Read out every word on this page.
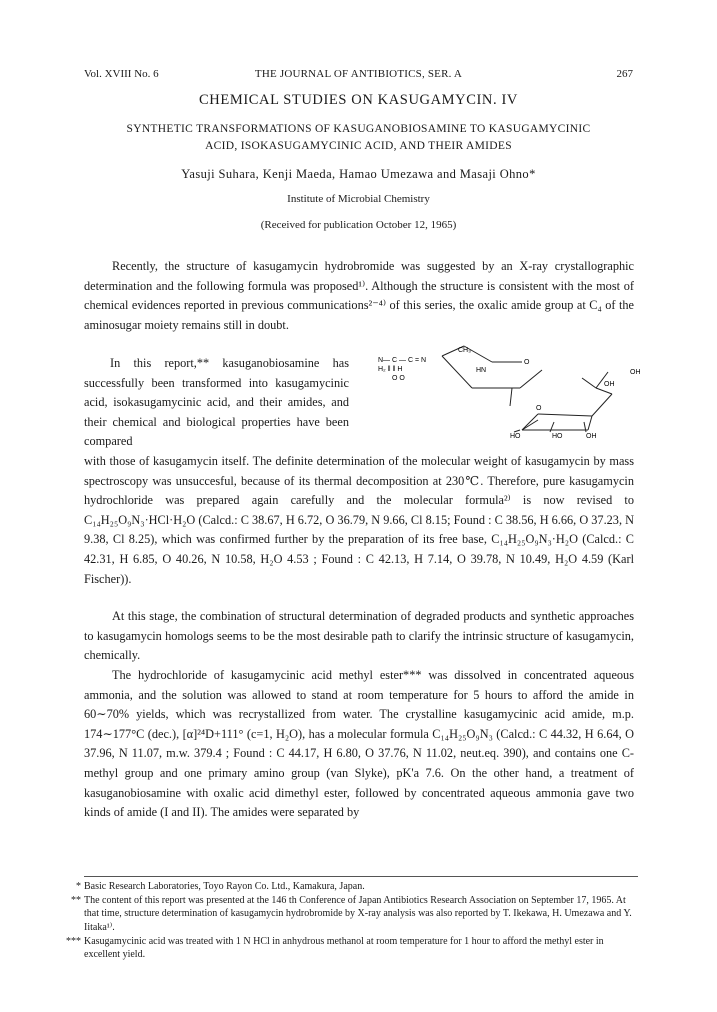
Vol. XVIII No. 6	THE JOURNAL OF ANTIBIOTICS, SER. A	267
CHEMICAL STUDIES ON KASUGAMYCIN. IV
SYNTHETIC TRANSFORMATIONS OF KASUGANOBIOSAMINE TO KASUGAMYCINIC
ACID, ISOKASUGAMYCINIC ACID, AND THEIR AMIDES
Yasuji Suhara, Kenji Maeda, Hamao Umezawa and Masaji Ohno*
Institute of Microbial Chemistry
(Received for publication October 12, 1965)

Recently, the structure of kasugamycin hydrobromide was suggested by an X-ray crystallographic determination and the following formula was proposed¹⁾. Although the structure is consistent with the most of chemical evidences reported in previous communications²⁻⁴⁾ of this series, the oxalic amide group at C₄ of the aminosugar moiety remains still in doubt.

In this report,** kasuganobiosamine has successfully been transformed into kasugamycinic acid, isokasugamycinic acid, and their amides, and their chemical and biological properties have been compared

CH₃
O
OH
HN
OH
O
HO	HO	OH
N— C — C = N
H₂ ‖ ‖ H
O O

with those of kasugamycin itself. The definite determination of the molecular weight of kasugamycin by mass spectroscopy was unsuccesful, because of its thermal decomposition at 230℃. Therefore, pure kasugamycin hydrochloride was prepared again carefully and the molecular formula²⁾ is now revised to C₁₄H₂₅O₉N₃·HCl·H₂O (Calcd.: C 38.67, H 6.72, O 36.79, N 9.66, Cl 8.15; Found : C 38.56, H 6.66, O 37.23, N 9.38, Cl 8.25), which was confirmed further by the preparation of its free base, C₁₄H₂₅O₉N₃·H₂O (Calcd.: C 42.31, H 6.85, O 40.26, N 10.58, H₂O 4.53 ; Found : C 42.13, H 7.14, O 39.78, N 10.49, H₂O 4.59 (Karl Fischer)).

At this stage, the combination of structural determination of degraded products and synthetic approaches to kasugamycin homologs seems to be the most desirable path to clarify the intrinsic structure of kasugamycin, chemically.

The hydrochloride of kasugamycinic acid methyl ester*** was dissolved in concentrated aqueous ammonia, and the solution was allowed to stand at room temperature for 5 hours to afford the amide in 60∼70% yields, which was recrystallized from water. The crystalline kasugamycinic acid amide, m.p. 174∼177°C (dec.), [α]²⁴D+111° (c=1, H₂O), has a molecular formula C₁₄H₂₅O₉N₃ (Calcd.: C 44.32, H 6.64, O 37.96, N 11.07, m.w. 379.4 ; Found : C 44.17, H 6.80, O 37.76, N 11.02, neut.eq. 390), and contains one C-methyl group and one primary amino group (van Slyke), pK'a 7.6. On the other hand, a treatment of kasuganobiosamine with oxalic acid dimethyl ester, followed by concentrated aqueous ammonia gave two kinds of amide (I and II). The amides were separated by

* Basic Research Laboratories, Toyo Rayon Co. Ltd., Kamakura, Japan.
** The content of this report was presented at the 146 th Conference of Japan Antibiotics Research Association on September 17, 1965. At that time, structure determination of kasugamycin hydrobromide by X-ray analysis was also reported by T. Ikekawa, H. Umezawa and Y. Iitaka¹⁾.
*** Kasugamycinic acid was treated with 1 N HCl in anhydrous methanol at room temperature for 1 hour to afford the methyl ester in excellent yield.
